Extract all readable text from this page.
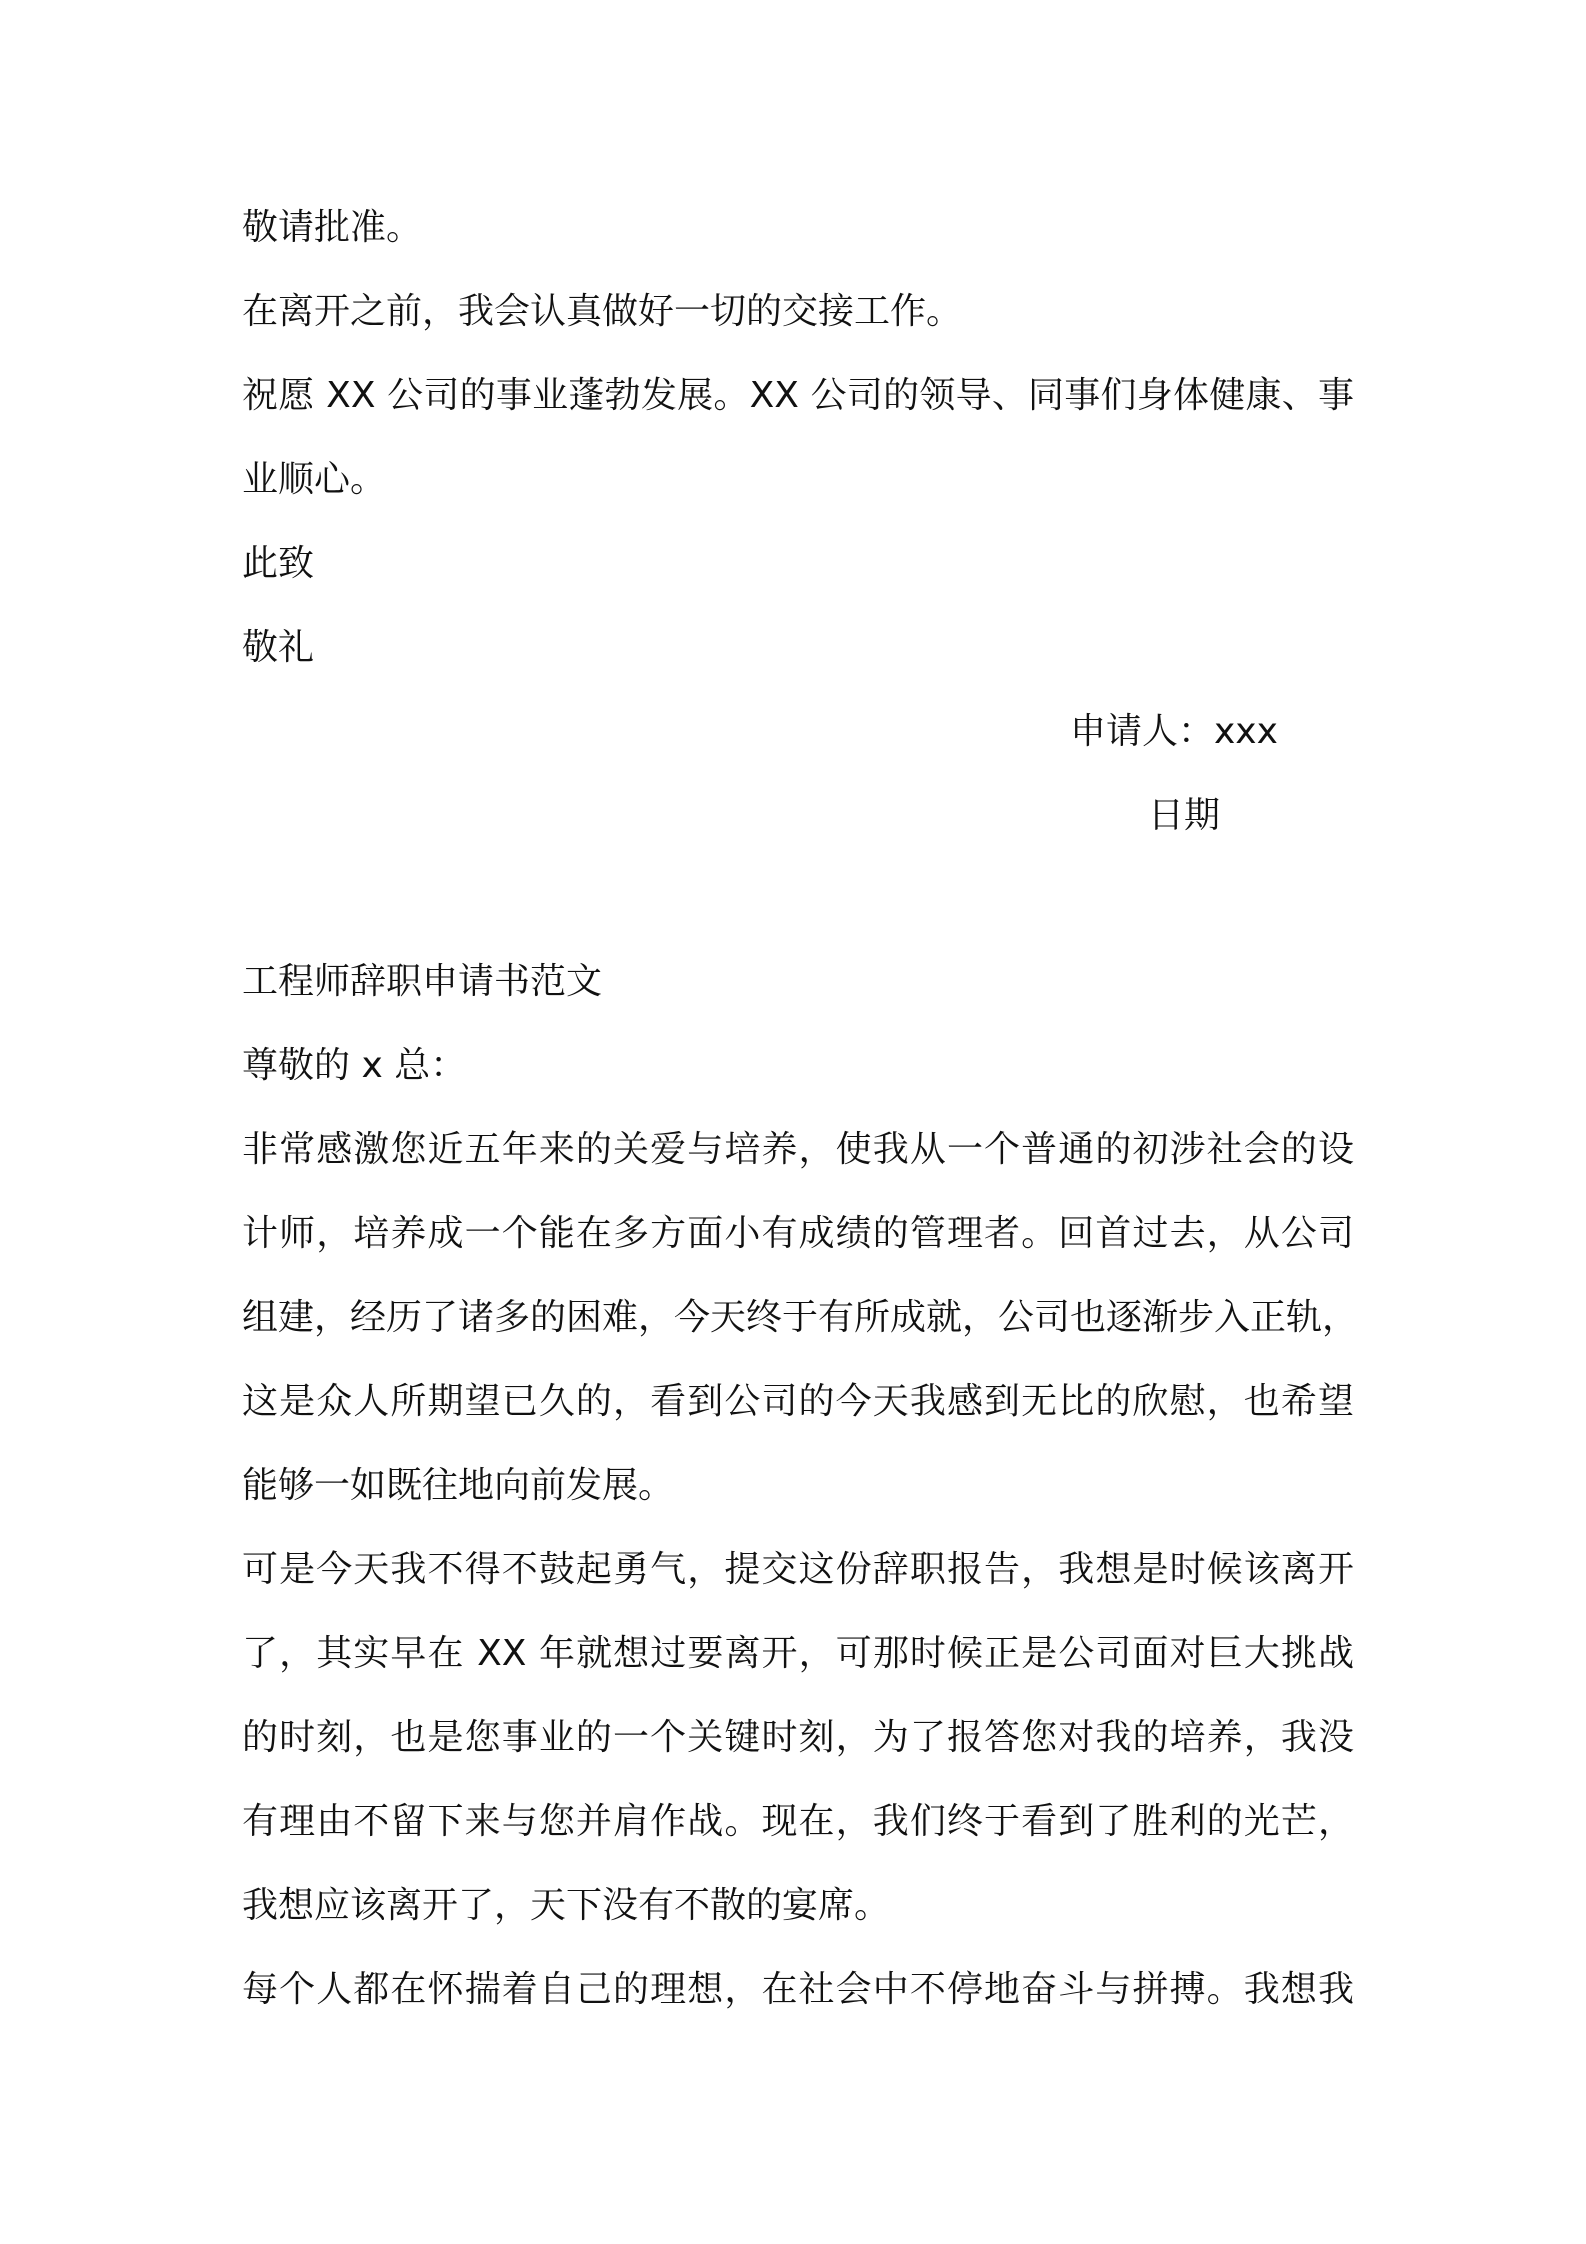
敬请批准。

在离开之前，我会认真做好一切的交接工作。

祝愿 XX 公司的事业蓬勃发展。XX 公司的领导、同事们身体健康、事

业顺心。

此致

敬礼

申请人：xxx

日期

工程师辞职申请书范文

尊敬的 x 总：

非常感激您近五年来的关爱与培养，使我从一个普通的初涉社会的设

计师，培养成一个能在多方面小有成绩的管理者。回首过去，从公司

组建，经历了诸多的困难，今天终于有所成就，公司也逐渐步入正轨，

这是众人所期望已久的，看到公司的今天我感到无比的欣慰，也希望

能够一如既往地向前发展。

可是今天我不得不鼓起勇气，提交这份辞职报告，我想是时候该离开

了，其实早在 XX 年就想过要离开，可那时候正是公司面对巨大挑战

的时刻，也是您事业的一个关键时刻，为了报答您对我的培养，我没

有理由不留下来与您并肩作战。现在，我们终于看到了胜利的光芒，

我想应该离开了，天下没有不散的宴席。

每个人都在怀揣着自己的理想，在社会中不停地奋斗与拼搏。我想我
